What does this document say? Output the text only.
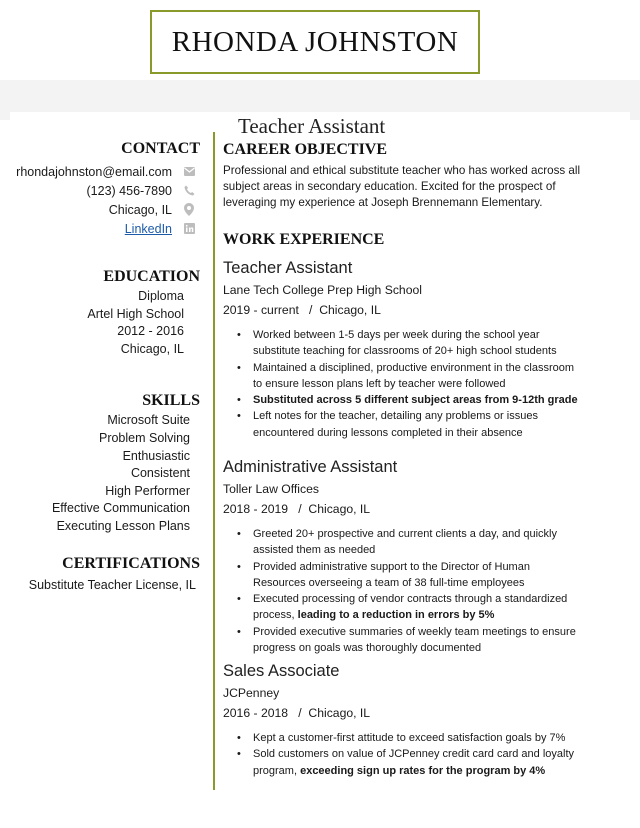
RHONDA JOHNSTON
Teacher Assistant
CONTACT
rhondajohnston@email.com
(123) 456-7890
Chicago, IL
LinkedIn
EDUCATION
Diploma
Artel High School
2012 - 2016
Chicago, IL
SKILLS
Microsoft Suite
Problem Solving
Enthusiastic
Consistent
High Performer
Effective Communication
Executing Lesson Plans
CERTIFICATIONS
Substitute Teacher License, IL
CAREER OBJECTIVE
Professional and ethical substitute teacher who has worked across all
subject areas in secondary education. Excited for the prospect of
leveraging my experience at Joseph Brennemann Elementary.
WORK EXPERIENCE
Teacher Assistant
Lane Tech College Prep High School
2019 - current / Chicago, IL
• Worked between 1-5 days per week during the school year
substitute teaching for classrooms of 20+ high school students
• Maintained a disciplined, productive environment in the classroom
to ensure lesson plans left by teacher were followed
• Substituted across 5 different subject areas from 9-12th grade
• Left notes for the teacher, detailing any problems or issues
encountered during lessons completed in their absence
Administrative Assistant
Toller Law Offices
2018 - 2019 / Chicago, IL
• Greeted 20+ prospective and current clients a day, and quickly
assisted them as needed
• Provided administrative support to the Director of Human
Resources overseeing a team of 38 full-time employees
• Executed processing of vendor contracts through a standardized
process, leading to a reduction in errors by 5%
• Provided executive summaries of weekly team meetings to ensure
progress on goals was thoroughly documented
Sales Associate
JCPenney
2016 - 2018 / Chicago, IL
• Kept a customer-first attitude to exceed satisfaction goals by 7%
• Sold customers on value of JCPenney credit card card and loyalty
program, exceeding sign up rates for the program by 4%
